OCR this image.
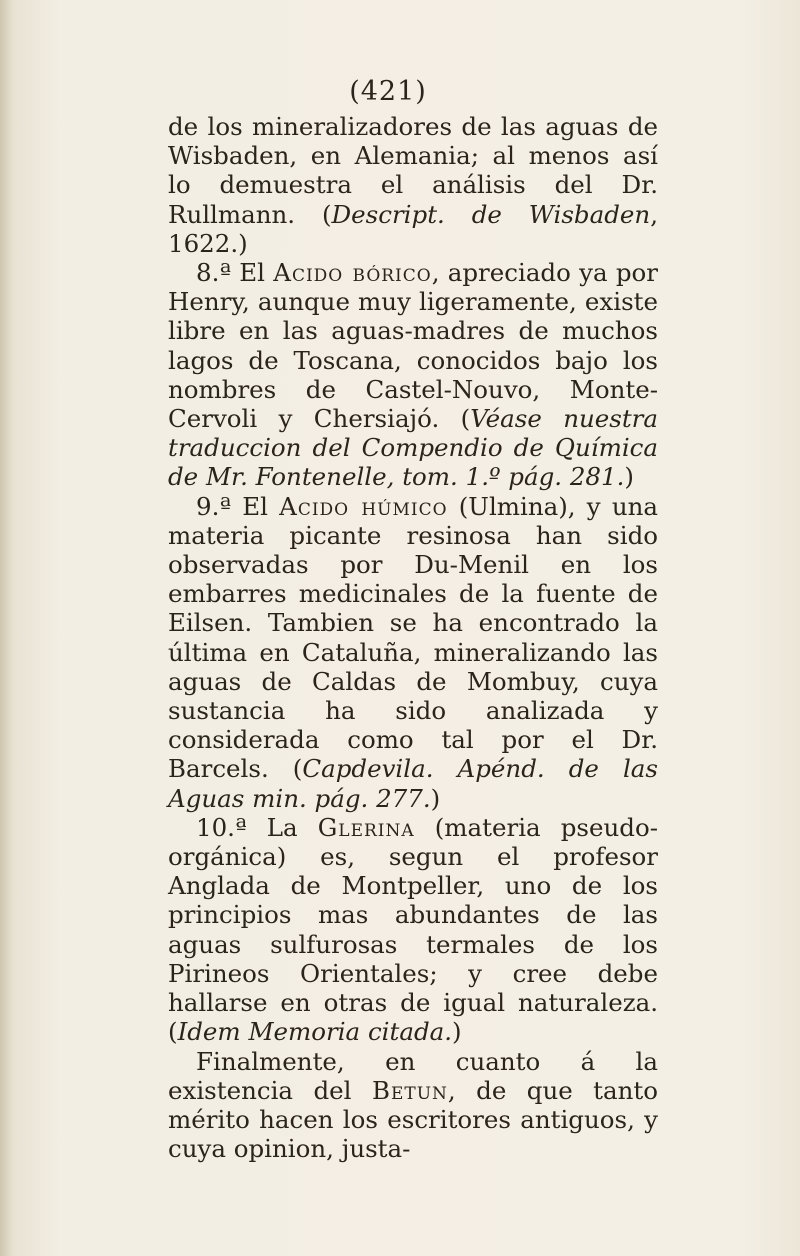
(421)

de los mineralizadores de las aguas de Wisbaden, en Alemania; al menos así lo demuestra el análisis del Dr. Rullmann. (Descript. de Wisbaden, 1622.)

8.ª El Acido bórico, apreciado ya por Henry, aunque muy ligeramente, existe libre en las aguas-madres de muchos lagos de Toscana, conocidos bajo los nombres de Castel-Nouvo, Monte-Cervoli y Chersiajó. (Véase nuestra traduccion del Compendio de Química de Mr. Fontenelle, tom. 1.º pág. 281.)

9.ª El Acido húmico (Ulmina), y una materia picante resinosa han sido observadas por Du-Menil en los embarres medicinales de la fuente de Eilsen. Tambien se ha encontrado la última en Cataluña, mineralizando las aguas de Caldas de Mombuy, cuya sustancia ha sido analizada y considerada como tal por el Dr. Barcels. (Capdevila. Apénd. de las Aguas min. pág. 277.)

10.ª La Glerina (materia pseudo-orgánica) es, segun el profesor Anglada de Montpeller, uno de los principios mas abundantes de las aguas sulfurosas termales de los Pirineos Orientales; y cree debe hallarse en otras de igual naturaleza. (Idem Memoria citada.)

Finalmente, en cuanto á la existencia del Betun, de que tanto mérito hacen los escritores antiguos, y cuya opinion, justa-
